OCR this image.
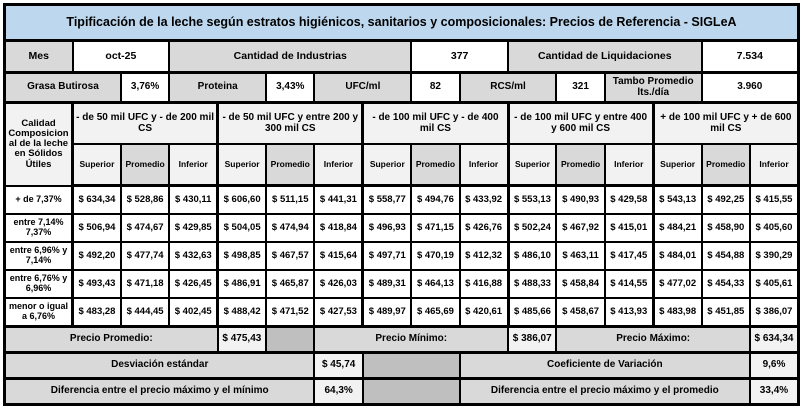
Tipificación de la leche según estratos higiénicos, sanitarios y composicionales: Precios de Referencia - SIGLeA															
Mes	oct-25		Cantidad de Industrias					377		Cantidad de Liquidaciones				7.534	
Grasa Butirosa		3,76%	Proteina		3,43%	UFC/ml		82	RCS/ml		321	Tambo Promedio lts./día		3.960	
Calidad Composicional de la leche en Sólidos Útiles	- de 50 mil UFC y - de 200 mil CS			- de 50 mil UFC y entre 200 y 300 mil CS			- de 100 mil UFC y - de 400 mil CS			- de 100 mil UFC y entre 400 y 600 mil CS			+ de 100 mil UFC y + de 600 mil CS		
	Superior	Promedio	Inferior	Superior	Promedio	Inferior	Superior	Promedio	Inferior	Superior	Promedio	Inferior	Superior	Promedio	Inferior
+ de 7,37%	$ 634,34	$ 528,86	$ 430,11	$ 606,60	$ 511,15	$ 441,31	$ 558,77	$ 494,76	$ 433,92	$ 553,13	$ 490,93	$ 429,58	$ 543,13	$ 492,25	$ 415,55
entre 7,14% 7,37%	$ 506,94	$ 474,67	$ 429,85	$ 504,05	$ 474,94	$ 418,84	$ 496,93	$ 471,15	$ 426,76	$ 502,24	$ 467,92	$ 415,01	$ 484,21	$ 458,90	$ 405,60
entre 6,96% y 7,14%	$ 492,20	$ 477,74	$ 432,63	$ 498,85	$ 467,57	$ 415,64	$ 497,71	$ 470,19	$ 412,32	$ 486,10	$ 463,11	$ 417,45	$ 484,01	$ 454,88	$ 390,29
entre 6,76% y 6,96%	$ 493,43	$ 471,18	$ 426,45	$ 486,91	$ 465,87	$ 426,03	$ 489,31	$ 464,13	$ 416,88	$ 488,33	$ 458,84	$ 414,55	$ 477,02	$ 454,33	$ 405,61
menor o igual a 6,76%	$ 483,28	$ 444,45	$ 402,45	$ 488,42	$ 471,52	$ 427,53	$ 489,97	$ 465,69	$ 420,61	$ 485,66	$ 458,67	$ 413,93	$ 483,98	$ 451,85	$ 386,07
Precio Promedio:				$ 475,43		Precio Mínimo:				$ 386,07	Precio Máximo:				$ 634,34
Desviación estándar						$ 45,74			Coeficiente de Variación						9,6%
Diferencia entre el precio máximo y el mínimo						64,3%			Diferencia entre el precio máximo y el promedio						33,4%
